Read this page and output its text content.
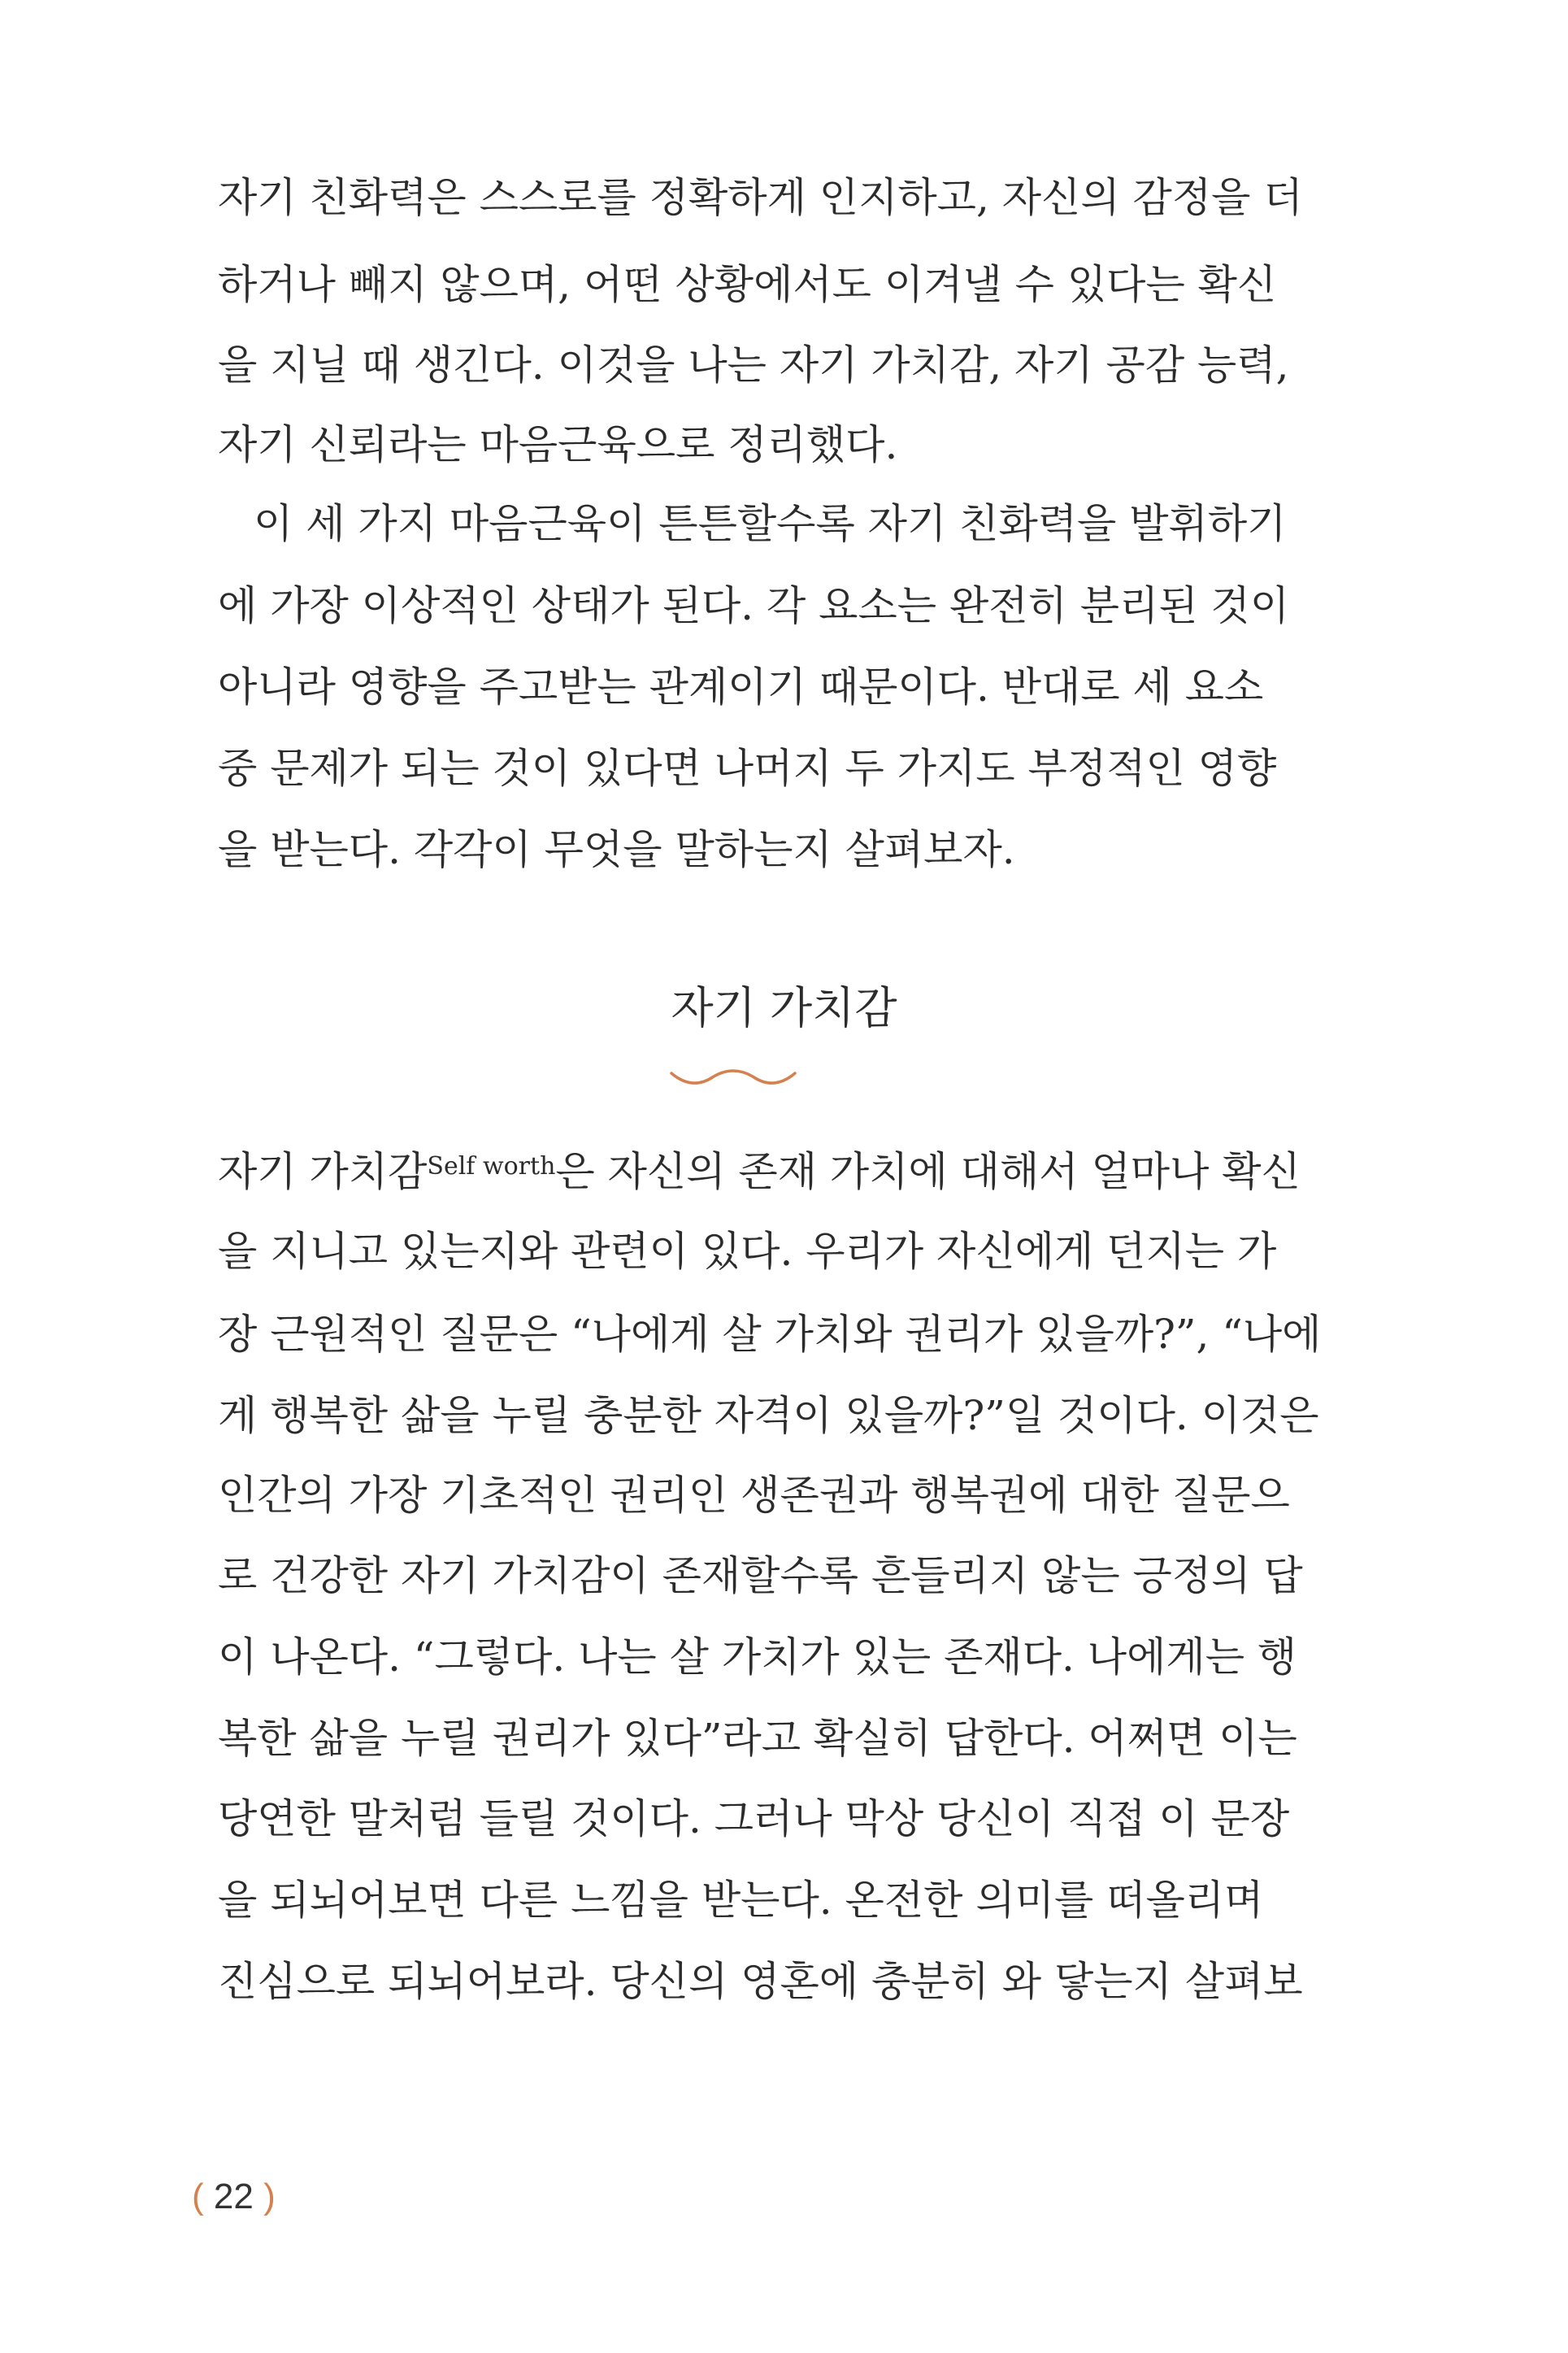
자기 친화력은 스스로를 정확하게 인지하고, 자신의 감정을 더
하거나 빼지 않으며, 어떤 상황에서도 이겨낼 수 있다는 확신
을 지닐 때 생긴다. 이것을 나는 자기 가치감, 자기 공감 능력,
자기 신뢰라는 마음근육으로 정리했다.
이 세 가지 마음근육이 튼튼할수록 자기 친화력을 발휘하기
에 가장 이상적인 상태가 된다. 각 요소는 완전히 분리된 것이
아니라 영향을 주고받는 관계이기 때문이다. 반대로 세 요소
중 문제가 되는 것이 있다면 나머지 두 가지도 부정적인 영향
을 받는다. 각각이 무엇을 말하는지 살펴보자.
자기 가치감
자기 가치감$^{Self worth}$은 자신의 존재 가치에 대해서 얼마나 확신
을 지니고 있는지와 관련이 있다. 우리가 자신에게 던지는 가
장 근원적인 질문은 “나에게 살 가치와 권리가 있을까?”, “나에
게 행복한 삶을 누릴 충분한 자격이 있을까?”일 것이다. 이것은
인간의 가장 기초적인 권리인 생존권과 행복권에 대한 질문으
로 건강한 자기 가치감이 존재할수록 흔들리지 않는 긍정의 답
이 나온다. “그렇다. 나는 살 가치가 있는 존재다. 나에게는 행
복한 삶을 누릴 권리가 있다”라고 확실히 답한다. 어쩌면 이는
당연한 말처럼 들릴 것이다. 그러나 막상 당신이 직접 이 문장
을 되뇌어보면 다른 느낌을 받는다. 온전한 의미를 떠올리며
진심으로 되뇌어보라. 당신의 영혼에 충분히 와 닿는지 살펴보
( 22 )
